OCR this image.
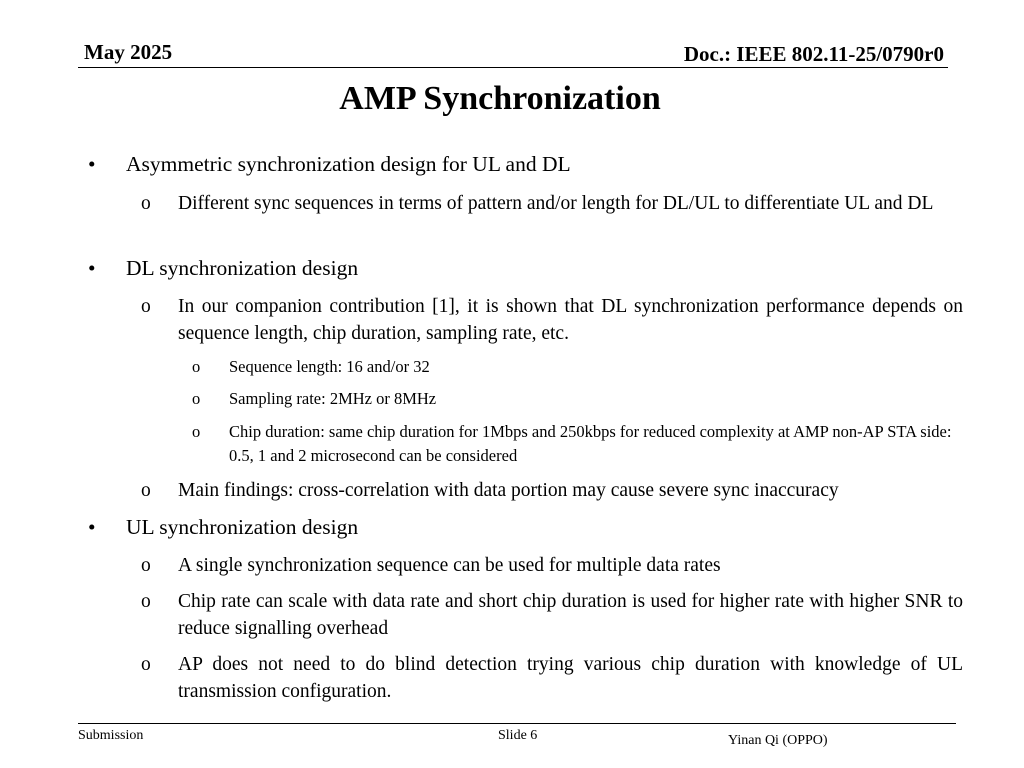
May 2025	Doc.: IEEE 802.11-25/0790r0
AMP Synchronization
• Asymmetric synchronization design for UL and DL
o Different sync sequences in terms of pattern and/or length for DL/UL to differentiate UL and DL
• DL synchronization design
o In our companion contribution [1], it is shown that DL synchronization performance depends on sequence length, chip duration, sampling rate, etc.
o Sequence length: 16 and/or 32
o Sampling rate: 2MHz or 8MHz
o Chip duration: same chip duration for 1Mbps and 250kbps for reduced complexity at AMP non-AP STA side: 0.5, 1 and 2 microsecond can be considered
o Main findings: cross-correlation with data portion may cause severe sync inaccuracy
• UL synchronization design
o A single synchronization sequence can be used for multiple data rates
o Chip rate can scale with data rate and short chip duration is used for higher rate with higher SNR to reduce signalling overhead
o AP does not need to do blind detection trying various chip duration with knowledge of UL transmission configuration.
Submission	Slide 6	Yinan Qi (OPPO)
